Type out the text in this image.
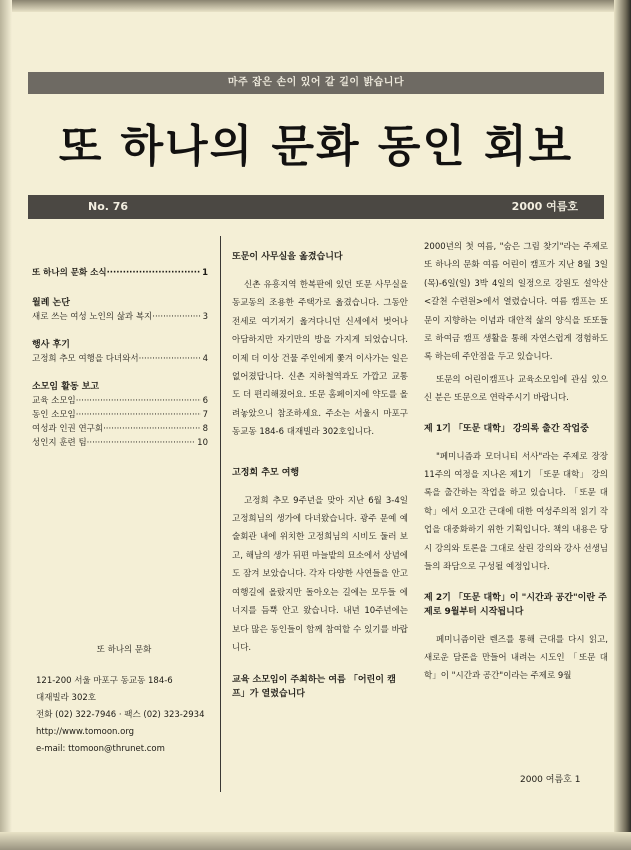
마주 잡은 손이 있어 갈 길이 밝습니다
또 하나의 문화 동인 회보
No. 76	2000 여름호
또 하나의 문화 소식 ·····	1
월례 논단
새로 쓰는 여성 노인의 삶과 복지 ·····	3
행사 후기
고정희 추모 여행을 다녀와서 ·····	4
소모임 활동 보고
교육 소모임 ·····	6
동인 소모임 ·····	7
여성과 인권 연구회 ·····	8
성인지 훈련 팀 ·····	10
또 하나의 문화
121-200 서울 마포구 동교동 184-6
대재빌라 302호
전화 (02) 322-7946 · 팩스 (02) 323-2934
http://www.tomoon.org
e-mail: ttomoon@thrunet.com
또문이 사무실을 옮겼습니다

신촌 유흥지역 한복판에 있던 또문 사무실을 동교동의 조용한 주택가로 옮겼습니다. 그동안 전세로 여기저기 옮겨다니던 신세에서 벗어나 아담하지만 자기만의 방을 가지게 되었습니다. 이제 더 이상 건물 주인에게 쫓겨 이사가는 일은 없어졌답니다. 신촌 지하철역과도 가깝고 교통도 더 편리해졌어요. 또문 홈페이지에 약도를 올려놓았으니 참조하세요. 주소는 서울시 마포구 동교동 184-6 대재빌라 302호입니다.

고정희 추모 여행

고정희 추모 9주년을 맞아 지난 6월 3-4일 고정희님의 생가에 다녀왔습니다. 광주 문예 예술회관 내에 위치한 고정희님의 시비도 둘러 보고, 해남의 생가 뒤편 마늘밭의 묘소에서 상념에도 잠겨 보았습니다. 각자 다양한 사연들을 안고 여행길에 올랐지만 돌아오는 길에는 모두들 에너지를 듬뿍 안고 왔습니다. 내년 10주년에는 보다 많은 동인들이 함께 참여할 수 있기를 바랍니다.

교육 소모임이 주최하는 여름 「어린이 캠프」가 열렸습니다

2000년의 첫 여름, "숨은 그림 찾기"라는 주제로 또 하나의 문화 여름 어린이 캠프가 지난 8월 3일(목)-6일(일) 3박 4일의 일정으로 강원도 설악산 <갈천 수련원>에서 열렸습니다. 여름 캠프는 또문이 지향하는 이념과 대안적 삶의 양식을 또또들로 하여금 캠프 생활을 통해 자연스럽게 경험하도록 하는데 주안점을 두고 있습니다.

또문의 어린이캠프나 교육소모임에 관심 있으신 분은 또문으로 연락주시기 바랍니다.

제 1기 「또문 대학」 강의록 출간 작업중

"페미니즘과 모더니티 서사"라는 주제로 장장 11주의 여정을 지나온 제1기 「또문 대학」 강의록을 출간하는 작업을 하고 있습니다. 「또문 대학」에서 오고간 근대에 대한 여성주의적 읽기 작업을 대중화하기 위한 기획입니다. 책의 내용은 당시 강의와 토론을 그대로 살린 강의와 강사 선생님들의 좌담으로 구성될 예정입니다.

제 2기 「또문 대학」이 "시간과 공간"이란 주제로 9월부터 시작됩니다

페미니즘이란 렌즈를 통해 근대를 다시 읽고, 새로운 담론을 만들어 내려는 시도인 「또문 대학」이 "시간과 공간"이라는 주제로 9월

2000 여름호 1
